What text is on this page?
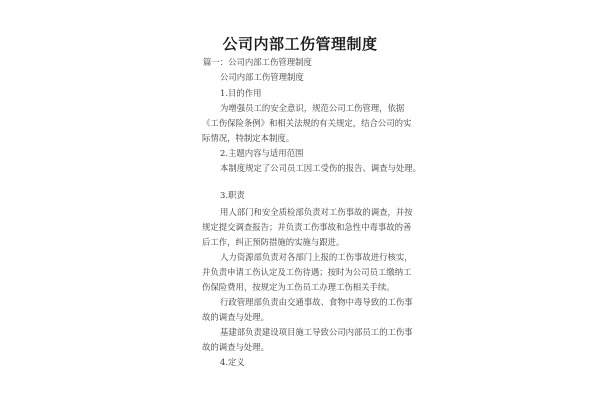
公司内部工伤管理制度
篇一：公司内部工伤管理制度
公司内部工伤管理制度
1.目的作用
为增强员工的安全意识，规范公司工伤管理，依据
《工伤保险条例》和相关法规的有关规定，结合公司的实
际情况，特制定本制度。
2.主题内容与适用范围
本制度规定了公司员工因工受伤的报告、调查与处理。
3.职责
用人部门和安全质检部负责对工伤事故的调查，并按
规定提交调查报告；并负责工伤事故和急性中毒事故的善
后工作，纠正预防措施的实施与跟进。
人力资源部负责对各部门上报的工伤事故进行核实，
并负责申请工伤认定及工伤待遇；按时为公司员工缴纳工
伤保险费用，按规定为工伤员工办理工伤相关手续。
行政管理部负责由交通事故、食物中毒导致的工伤事
故的调查与处理。
基建部负责建设项目施工导致公司内部员工的工伤事
故的调查与处理。
4.定义
